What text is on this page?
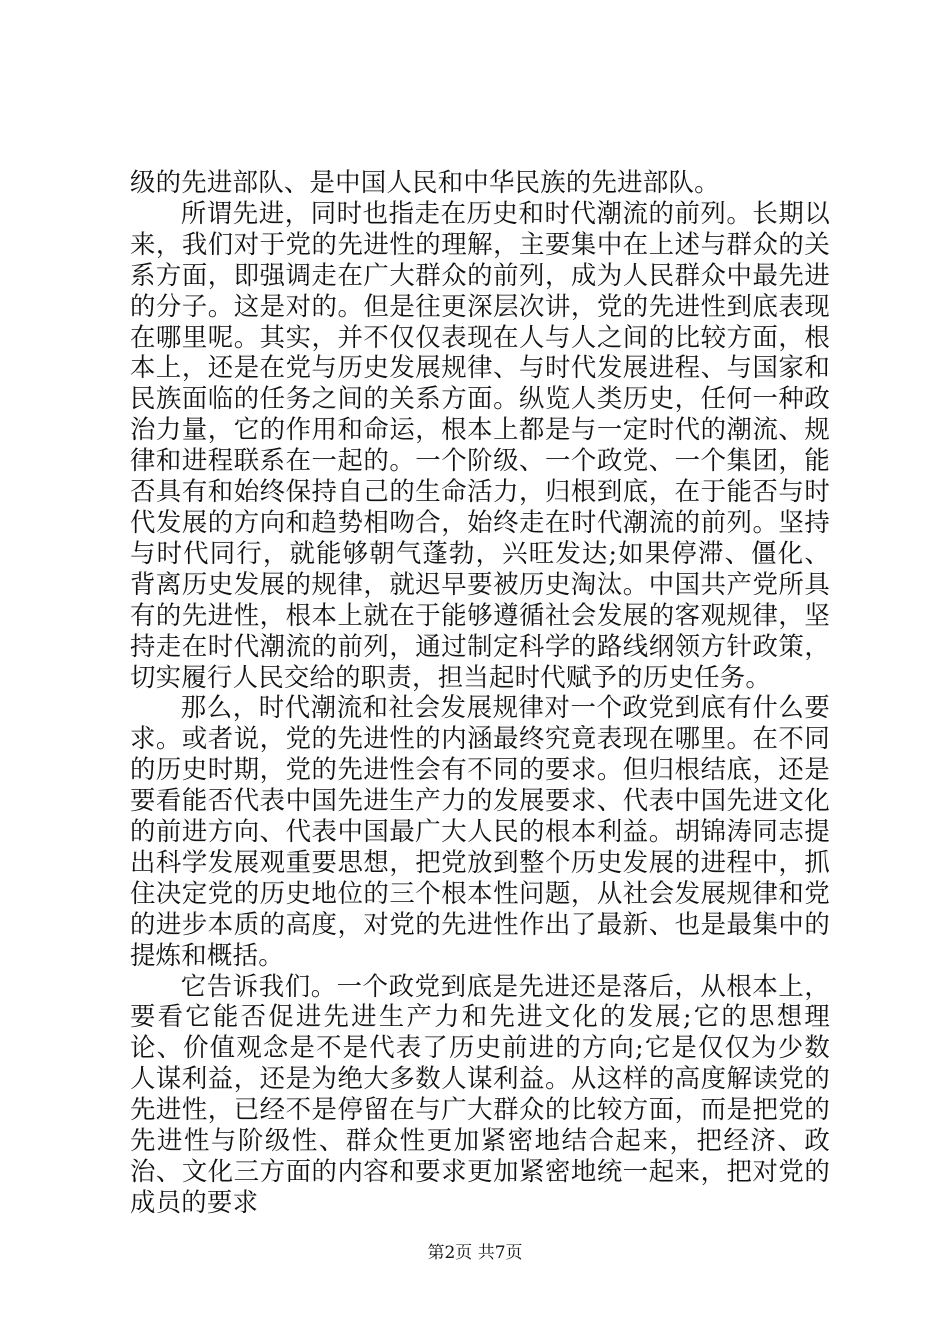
级的先进部队、是中国人民和中华民族的先进部队。

所谓先进，同时也指走在历史和时代潮流的前列。长期以来，我们对于党的先进性的理解，主要集中在上述与群众的关系方面，即强调走在广大群众的前列，成为人民群众中最先进的分子。这是对的。但是往更深层次讲，党的先进性到底表现在哪里呢。其实，并不仅仅表现在人与人之间的比较方面，根本上，还是在党与历史发展规律、与时代发展进程、与国家和民族面临的任务之间的关系方面。纵览人类历史，任何一种政治力量，它的作用和命运，根本上都是与一定时代的潮流、规律和进程联系在一起的。一个阶级、一个政党、一个集团，能否具有和始终保持自己的生命活力，归根到底，在于能否与时代发展的方向和趋势相吻合，始终走在时代潮流的前列。坚持与时代同行，就能够朝气蓬勃，兴旺发达;如果停滞、僵化、背离历史发展的规律，就迟早要被历史淘汰。中国共产党所具有的先进性，根本上就在于能够遵循社会发展的客观规律，坚持走在时代潮流的前列，通过制定科学的路线纲领方针政策，切实履行人民交给的职责，担当起时代赋予的历史任务。

那么，时代潮流和社会发展规律对一个政党到底有什么要求。或者说，党的先进性的内涵最终究竟表现在哪里。在不同的历史时期，党的先进性会有不同的要求。但归根结底，还是要看能否代表中国先进生产力的发展要求、代表中国先进文化的前进方向、代表中国最广大人民的根本利益。胡锦涛同志提出科学发展观重要思想，把党放到整个历史发展的进程中，抓住决定党的历史地位的三个根本性问题，从社会发展规律和党的进步本质的高度，对党的先进性作出了最新、也是最集中的提炼和概括。

它告诉我们。一个政党到底是先进还是落后，从根本上，要看它能否促进先进生产力和先进文化的发展;它的思想理论、价值观念是不是代表了历史前进的方向;它是仅仅为少数人谋利益，还是为绝大多数人谋利益。从这样的高度解读党的先进性，已经不是停留在与广大群众的比较方面，而是把党的先进性与阶级性、群众性更加紧密地结合起来，把经济、政治、文化三方面的内容和要求更加紧密地统一起来，把对党的成员的要求

第2页 共7页
